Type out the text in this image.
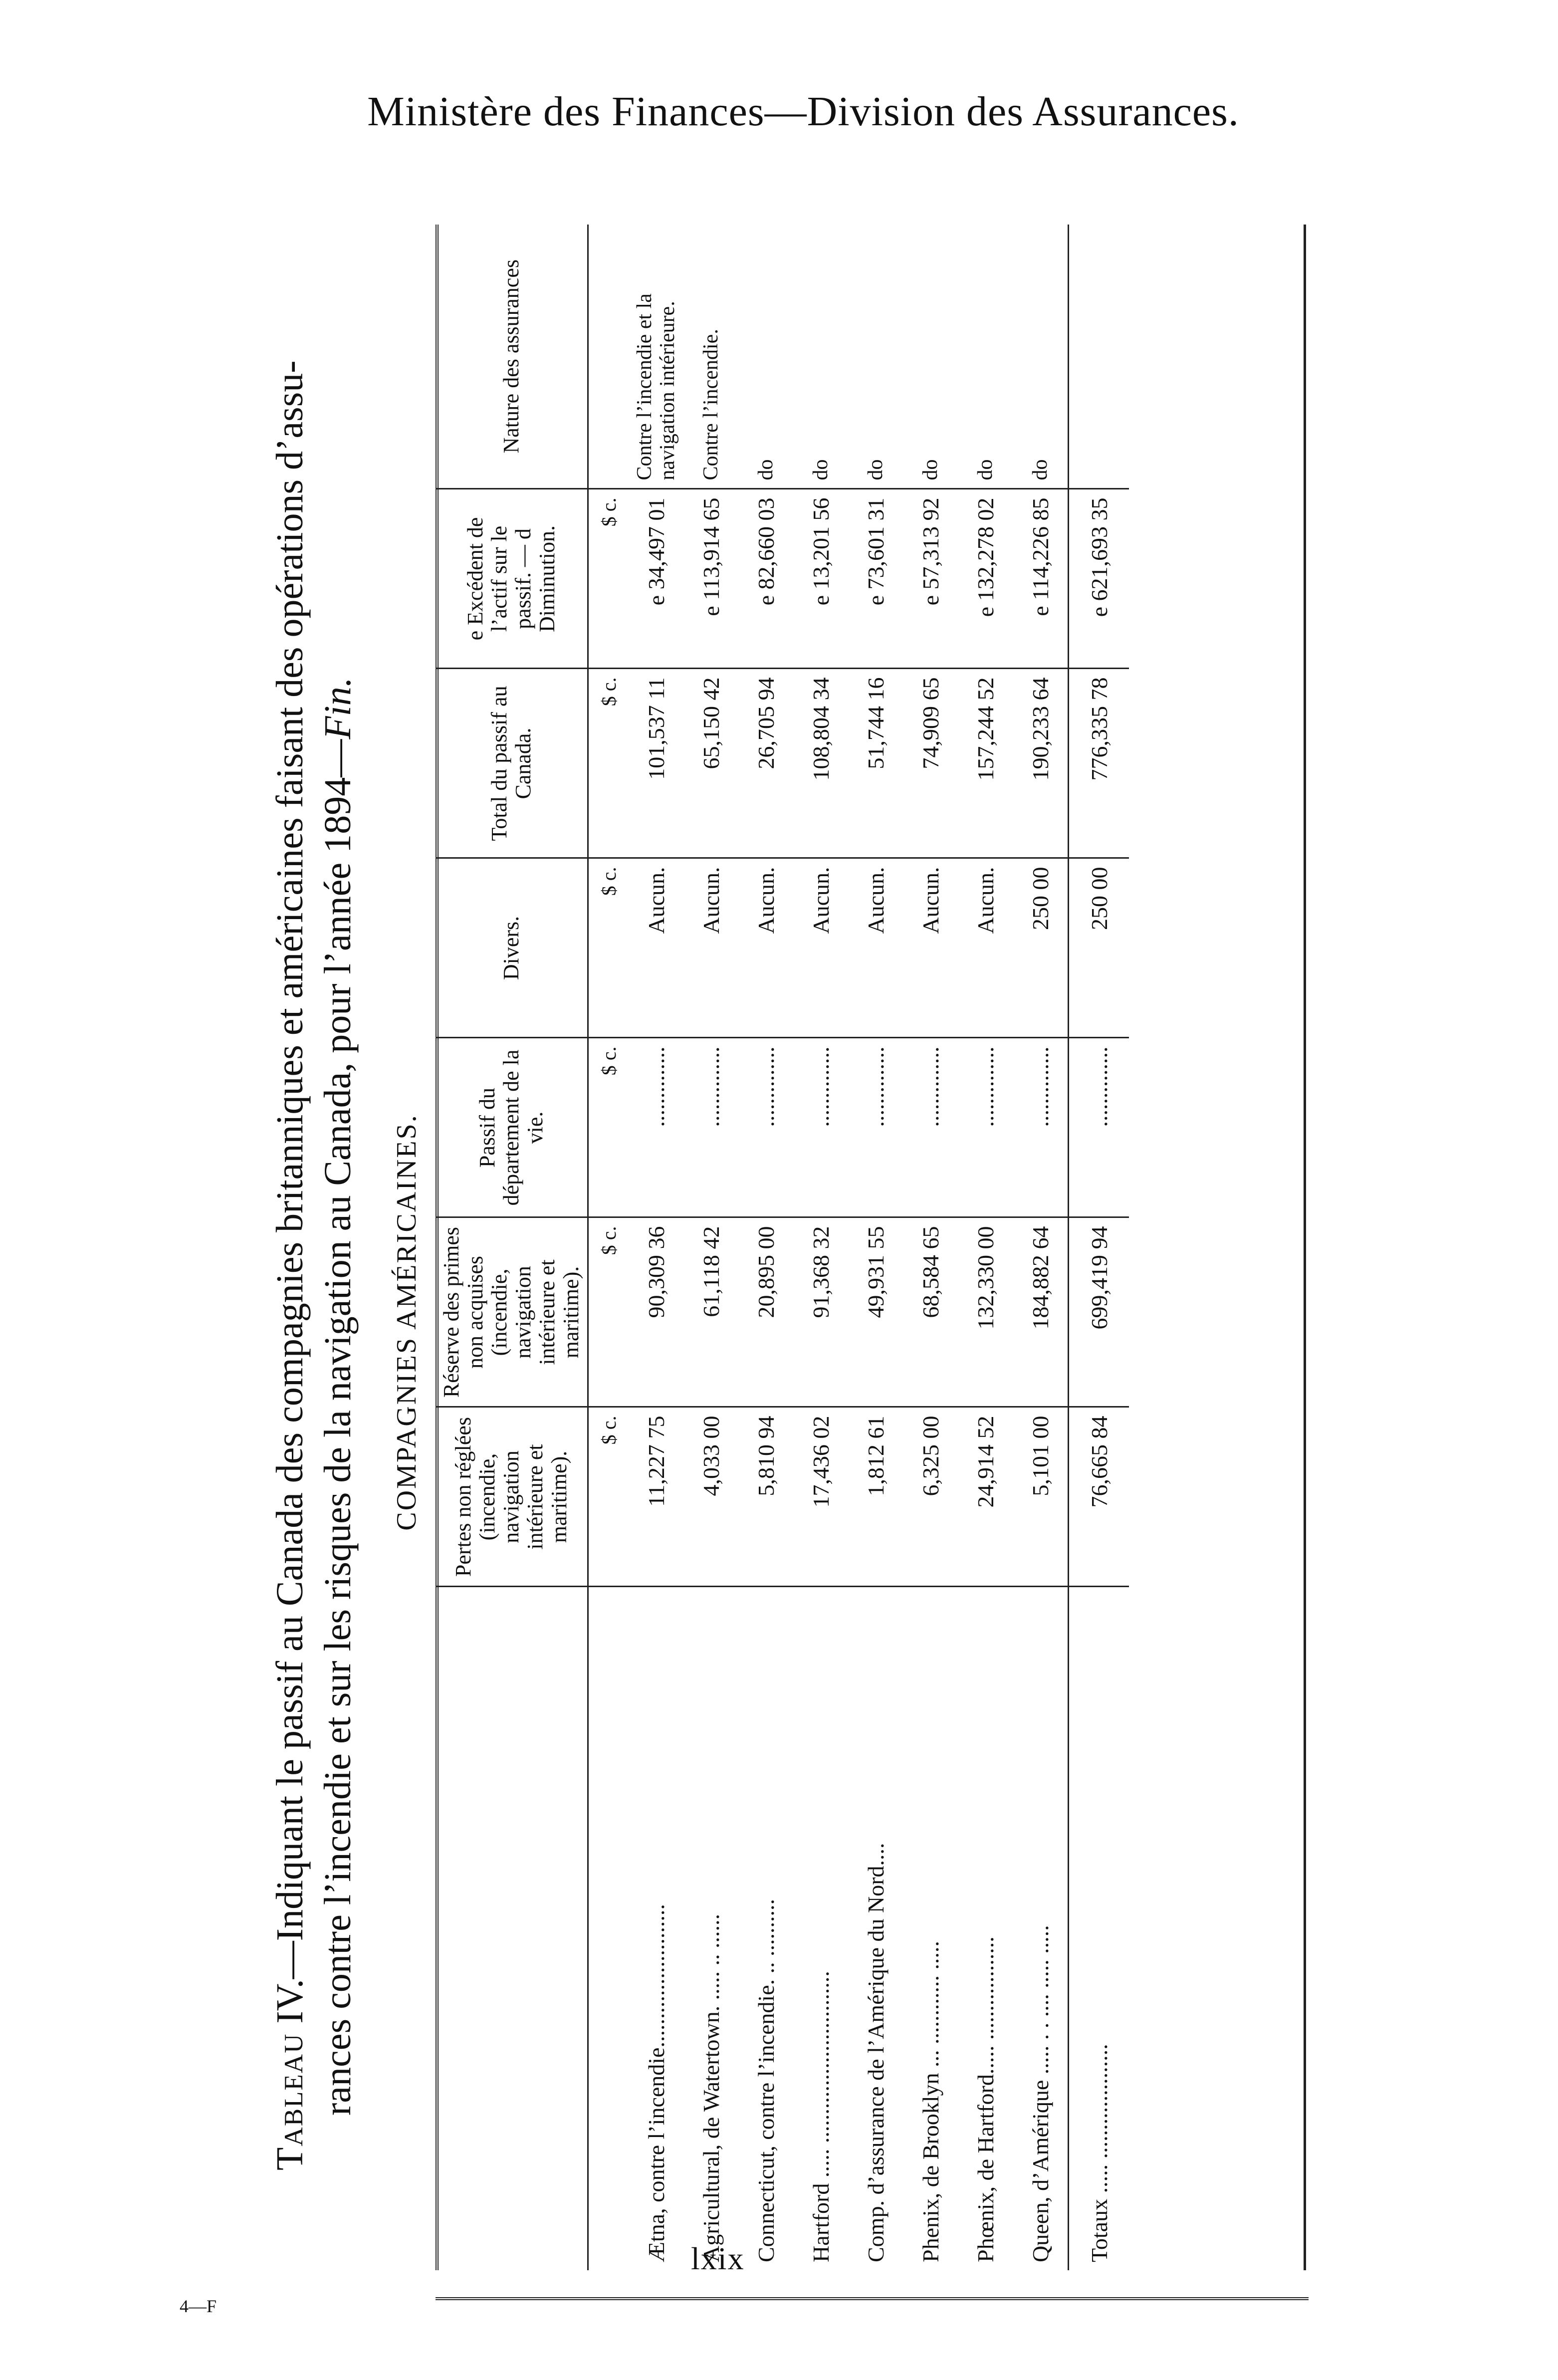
Ministère des Finances—Division des Assurances.
Tableau IV.—Indiquant le passif au Canada des compagnies britanniques et américaines faisant des opérations d’assu- rances contre l’incendie et sur les risques de la navigation au Canada, pour l’année 1894—Fin.
COMPAGNIES AMÉRICAINES.
	Pertes non réglées (incendie, navigation intérieure et maritime).	Réserve des primes non acquises (incendie, navigation intérieure et maritime).	Passif du département de la vie.	Divers.	Total du passif au Canada.	e Excédent de l’actif sur le passif. — d Diminution.	Nature des assurances
	$ c.	$ c.	$ c.	$ c.	$ c.	$ c.	
Ætna, contre l’incendie.........................	11,227 75	90,309 36	..............	Aucun.	101,537 11	e 34,497 01	Contre l’incendie et la navigation intérieure.
Agricultural, de Watertown. ..... .. ......	4,033 00	61,118 42	..............	Aucun.	65,150 42	e 113,914 65	Contre l’incendie.
Connecticut, contre l’incendie. .. ..........	5,810 94	20,895 00	..............	Aucun.	26,705 94	e 82,660 03	do
Hartford ..... ..............................	17,436 02	91,368 32	..............	Aucun.	108,804 34	e 13,201 56	do
Comp. d’assurance de l’Amérique du Nord....	1,812 61	49,931 55	..............	Aucun.	51,744 16	e 73,601 31	do
Phenix, de Brooklyn ... ............ .....	6,325 00	68,584 65	..............	Aucun.	74,909 65	e 57,313 92	do
Phœnix, de Hartford..... ..................	24,914 52	132,330 00	..............	Aucun.	157,244 52	e 132,278 02	do
Queen, d’Amérique ..... . . .... ..... .....	5,101 00	184,882 64	..............	250 00	190,233 64	e 114,226 85	do
Totaux ..... ....................	76,665 84	699,419 94	..............	250 00	776,335 78	e 621,693 35	
lxix
4—F
